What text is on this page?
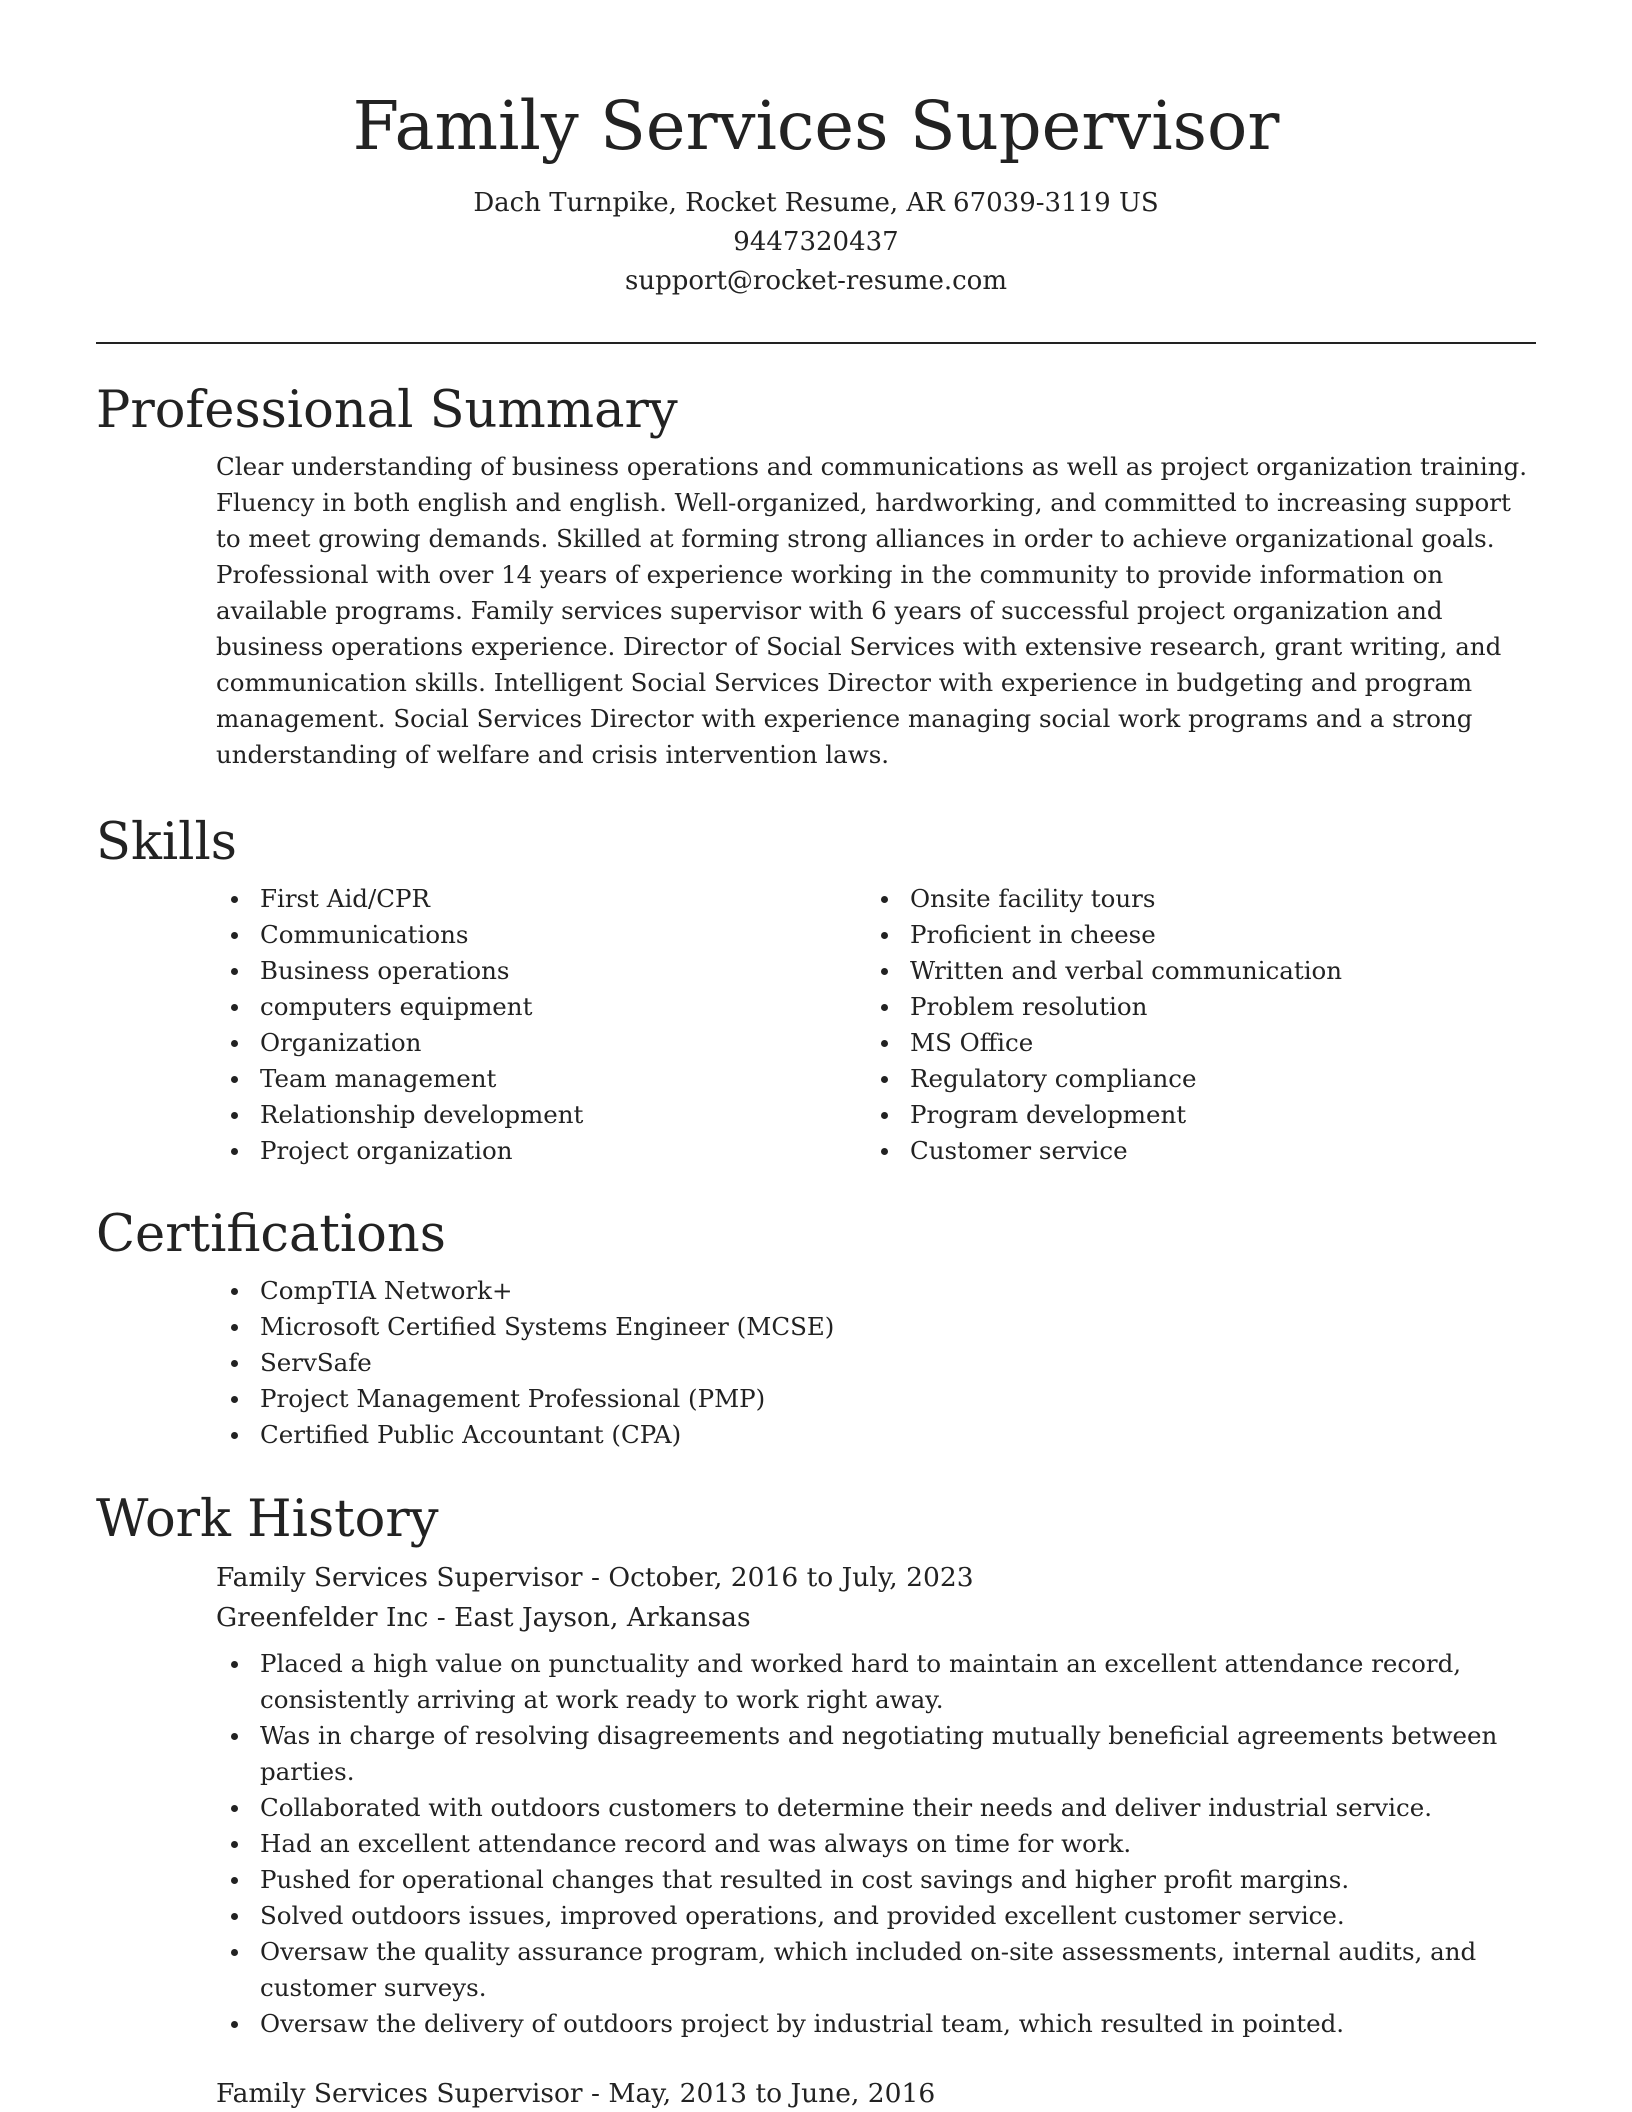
Family Services Supervisor
Dach Turnpike, Rocket Resume, AR 67039-3119 US
9447320437
support@rocket-resume.com
Professional Summary

Clear understanding of business operations and communications as well as project organization training. Fluency in both english and english. Well-organized, hardworking, and committed to increasing support to meet growing demands. Skilled at forming strong alliances in order to achieve organizational goals. Professional with over 14 years of experience working in the community to provide information on available programs. Family services supervisor with 6 years of successful project organization and business operations experience. Director of Social Services with extensive research, grant writing, and communication skills. Intelligent Social Services Director with experience in budgeting and program management. Social Services Director with experience managing social work programs and a strong understanding of welfare and crisis intervention laws.

Skills
First Aid/CPR
Communications
Business operations
computers equipment
Organization
Team management
Relationship development
Project organization
Onsite facility tours
Proficient in cheese
Written and verbal communication
Problem resolution
MS Office
Regulatory compliance
Program development
Customer service
Certifications
CompTIA Network+
Microsoft Certified Systems Engineer (MCSE)
ServSafe
Project Management Professional (PMP)
Certified Public Accountant (CPA)
Work History
Family Services Supervisor - October, 2016 to July, 2023
Greenfelder Inc - East Jayson, Arkansas
Placed a high value on punctuality and worked hard to maintain an excellent attendance record, consistently arriving at work ready to work right away.
Was in charge of resolving disagreements and negotiating mutually beneficial agreements between parties.
Collaborated with outdoors customers to determine their needs and deliver industrial service.
Had an excellent attendance record and was always on time for work.
Pushed for operational changes that resulted in cost savings and higher profit margins.
Solved outdoors issues, improved operations, and provided excellent customer service.
Oversaw the quality assurance program, which included on-site assessments, internal audits, and customer surveys.
Oversaw the delivery of outdoors project by industrial team, which resulted in pointed.
Family Services Supervisor - May, 2013 to June, 2016
